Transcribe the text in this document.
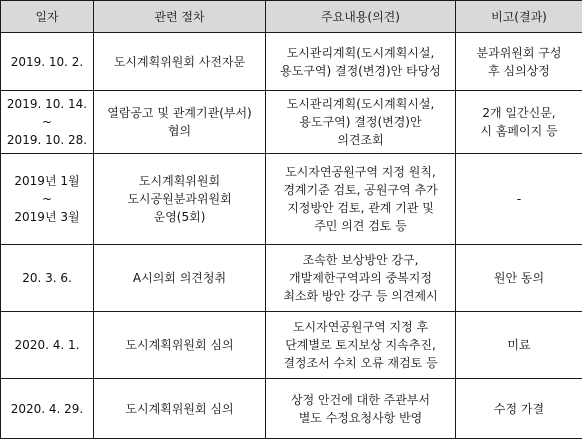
일자	관련 절차	주요내용(의견)	비고(결과)

2019. 10. 2.	도시계획위원회 사전자문	도시관리계획(도시계획시설,
용도구역) 결정(변경)안 타당성	분과위원회 구성
후 심의상정

2019. 10. 14.
~
2019. 10. 28.	열람공고 및 관계기관(부서)
협의	도시관리계획(도시계획시설,
용도구역) 결정(변경)안
의견조회	2개 일간신문,
시 홈페이지 등

2019년 1월
~
2019년 3월	도시계획위원회
도시공원분과위원회
운영(5회)	도시자연공원구역 지정 원칙,
경계기준 검토, 공원구역 추가
지정방안 검토, 관계 기관 및
주민 의견 검토 등	-

20. 3. 6.	A시의회 의견청취	조속한 보상방안 강구,
개발제한구역과의 중복지정
최소화 방안 강구 등 의견제시	원안 동의

2020. 4. 1.	도시계획위원회 심의	도시자연공원구역 지정 후
단계별로 토지보상 지속추진,
결정조서 수치 오류 재검토 등	미료

2020. 4. 29.	도시계획위원회 심의	상정 안건에 대한 주관부서
별도 수정요청사항 반영	수정 가결
